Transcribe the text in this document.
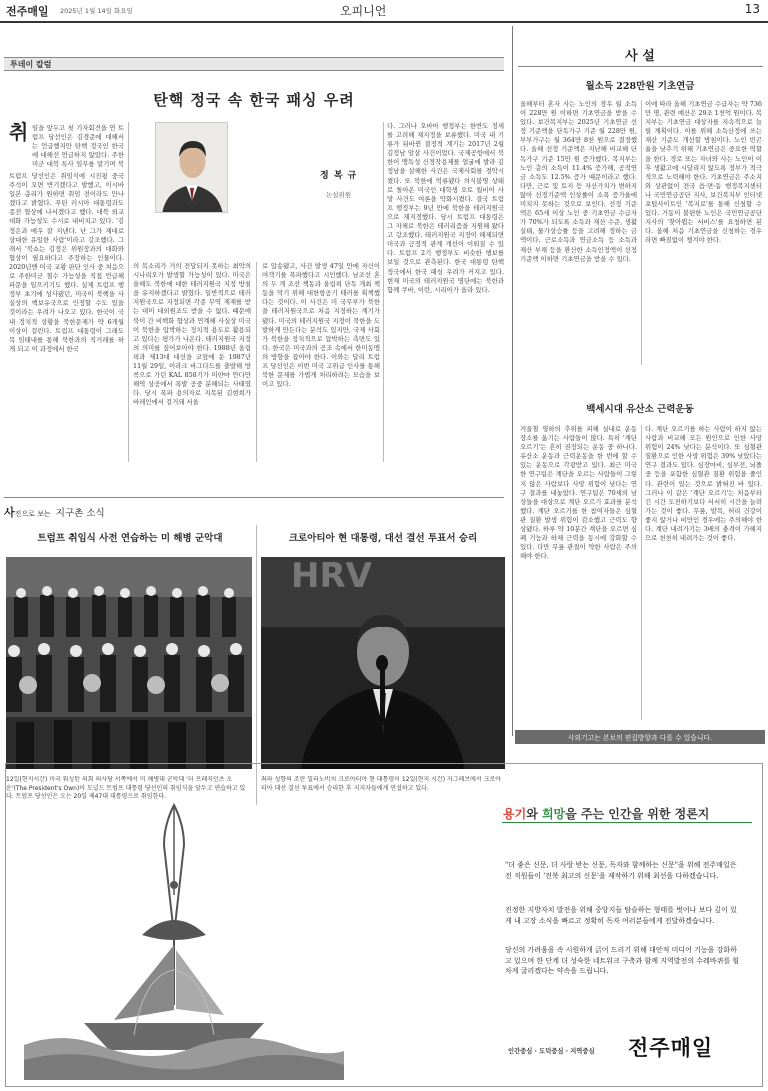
전주매일 2025년 1월 14일 화요일	오피니언	13
투데이 칼럼
탄핵 정국 속 한국 패싱 우려
취 임을 앞두고 첫 기자회견을 연 트럼프 당선인은 김경준에 대해서는 언급했지만 탄핵 정국인 한국에 대해선 언급하지 않았다. 주한미군 대북 특사 임무를 맡기며 북
트럼프 당선인은 취임식에 시진핑 중국 주석이 오면 반기겠다고 발했고, 이시바 일본 총리가 원하면 취임 전이라도 만나겠다고 밝혔다. 푸틴 러시아 대통령과도 종전 협상에 나서겠다고 했다. 대북 외교 대화 가능성도 수시로 내비치고 있다. '김정은과 매우 잘 지낸다. 난 그가 재대로 상대한 유일한 사람'이라고 강조했다. 그래서 '북쇼는 김정은 위원장과의 대화와 협상이 필요하다고 주장하는 인물이다. 2020년엔 미국 교황 판단 인사 중 처음으로 주한미군 철수 가능성을 직접 언급해 파문을 일으키기도 했다. 실제 트럼프 행정부 초기에 성사됐던, 미국이 북핵을 사실상의 핵보유국으로 인정할 수도 있을 것이라는 우려가 나오고 있다. 한국이 국내 정치적 상황을 북한문제가 약 6개월 이상이 걸린다. 트럼프 대통령이 그래도 목 임태내를 통해 북한과의 직거래를 하게 되고 이 과정에서 한국
의 목소리가 거의 전달되지 못하는 최악의 시나리오가 발생할 가능성이 있다. 미국은 올해도 북한에 대한 테러지원국 지정 방침을 유지하겠다고 밝혔다. 일반적으로 테러지원국으로 지정되면 각종 무역 제재를 받는 대미 대외원조도 받을 수 없다. 때문에 북이 간 비핵화 협상과 연계해 사실상 미국이 북한을 압박하는 정치적 용도로 활용되고 있다는 평가가 나온다. 테러지원국 지정의 의미를 짚어보아야 한다. 1988년 올림픽과 제13대 대선을 코앞에 둔 1987년 11월 29일, 이라크 바그다드를 출발해 방콕으로 가던 KAL 858기가 미얀마 안다만 해역 상공에서 폭발 공중 분해되는 사태였다. 당시 폭파 용의자로 지목된 김현희가 바레인에서 검거돼 서울
정 복 규
논설위원
로 압송됐고, 사건 발생 47일 만에 자신이 여객기를 폭파했다고 시인했다. 남조선 혼의 두 개 조선 책동과 올림픽 단독 개최 책동을 막기 위해 대한항공기 테러를 획책했다는 것이다. 이 사건은 미 국무부가 북한을 테러지원국으로 처음 지정하는 계기가 됐다. 미국의 테러지원국 지정이 북한을 도발하게 만든다는 분석도 있지만, 국제 사회가 북한을 정치적으로 압박하는 측면도 있다. 한국은 미국과의 공조 속에서 한미동맹의 방향을 잡아야 한다. 이와는 달리 트럼프 당선인은 이번 미국 고위급 인사를 통해 북한 문제를 가볍게 처리하려는 모습을 보이고 있다.
다. 그러나 오바마 행정부는 한반도 정세를 고려해 재지정을 보류했다. 미국 내 기류가 뒤바뀐 결정적 계기는 2017년 2월 김정남 암살 사건이었다. 국제공항에서 북한이 맹독성 신경작용제를 얼굴에 발라 김정남을 살해한 사건은 국제사회를 경악시켰다. 또 북한에 억류됐다 의식불명 상태로 돌아온 미국인 대학생 오토 웜비어 사망 사건도 여론을 악화시켰다. 결국 트럼프 행정부는 9년 만에 북한을 테러지원국으로 재지정했다. 당시 트럼프 대통령은 그 자체로 북한은 테러리즘을 지원해 왔다고 강조했다. 테러지원국 지정이 해제되면 미국과 긍정적 관계 개선이 이뤄질 수 있다. 트럼프 2기 행정부도 비슷한 행보를 보일 것으로 관측된다. 한국 대통령 탄핵 정국에서 한국 패싱 우려가 커지고 있다. 현재 미국의 테러지원국 명단에는 북한과 함께 쿠바, 이란, 시리아가 올라 있다.
사 설
월소득 228만원 기초연금
올해부터 혼자 사는 노인의 경우 월 소득이 228만 원 이하면 기초연금을 받을 수 있다. 보건복지부는 2025년 기초연금 선정 기준액을 단독가구 기준 월 228만 원, 부부가구는 월 364만 8천 원으로 결정했다. 올해 선정 기준액은 지난해 비교해 단독가구 기준 15만 원 증가했다. 복지부는 노인 층의 소득이 11.4% 증가해, 공적연금 소득도 12.5% 증가 때문이라고 했다. 다만, 근로 및 토지 등 자산가치가 변하지 않아 선정기준액 인상률이 소폭 증가율에 미치지 못하는 것으로 보인다. 선정 기준액은 65세 이상 노인 중 기초연금 수급자가 70%가 되도록 소득과 재산 수준, 생활 실태, 물가상승률 등을 고려해 정하는 금액이다. 근로소득과 연금소득 등 소득과 재산 부채 등을 환산한 소득인정액이 선정 기준액 이하면 기초연금을 받을 수 있다.
이에 따라 올해 기초연금 수급자는 약 736만 명, 관련 예산은 29조 1천억 원이다. 복지부는 기초연금 대상자를 지속적으로 늘릴 계획이다. 이를 위해 소득산정에 쓰는 재산 기준도 개선할 방침이다. 노인 빈곤율을 낮추기 위해 기초연금은 중요한 역할을 한다. 경로 또는 자녀와 사는 노인이 이후 생활고에 시달리지 않도록 정부가 적극적으로 노력해야 한다. 기초연금은 주소지와 상관없이 전국 읍·면·동 행정복지센터나 국민연금공단 지사, 보건복지부 인터넷 포털사이트인 '복지로'를 통해 신청할 수 있다. 거동이 불편한 노인은 국민연금공단지사의 '찾아뵙는 서비스'를 요청하면 된다. 올해 처음 기초연금을 신청하는 경우라면 빠짐없이 챙겨야 한다.
백세시대 유산소 근력운동
겨울철 영하의 추위를 피해 실내로 운동 장소를 옮기는 사람들이 많다. 특히 '계단 오르기'는 흔히 권장되는 운동 중 하나다. 유산소 운동과 근력운동을 한 번에 할 수 있는 운동으로 각광받고 있다. 최근 미국 한 연구팀은 계단을 오르는 사람들이 그렇지 않은 사람보다 사망 위험이 낮다는 연구 결과를 내놓았다. 연구팀은 70세의 남성들을 대상으로 계단 오르기 효과를 분석했다. 계단 오르기를 한 참여자들은 심혈관 질환 발생 위험이 감소했고 근력도 향상됐다. 하루 약 10분간 계단을 오르면 심폐 기능과 하체 근력을 동시에 강화할 수 있다. 다만 무릎 관절이 약한 사람은 주의해야 한다.
다. 계단 오르기를 하는 사람이 하지 않는 사람과 비교해 모든 원인으로 인한 사망 위험이 24% 낮다는 분석이다. 또 심혈관 질환으로 인한 사망 위험은 39% 낮았다는 연구 결과도 있다. 심장마비, 심부전, 뇌졸중 등을 포함한 심혈관 질환 위험을 줄인다. 관련이 있는 것으로 밝혀진 바 있다. 그러나 이 같은 '계단 오르기'는 처음부터 긴 시간 도전하기보다 서서히 시간을 늘려가는 것이 좋다. 무릎, 발목, 허리 건강이 좋지 않거나 비만인 경우에는 주의해야 한다. 계단 내려가기는 3배의 충격이 가해지므로 천천히 내려가는 것이 좋다.
사외기고는 본보의 편집방향과 다를 수 있습니다.
사진으로 보는 지구촌 소식
트럼프 취임식 사전 연습하는 미 해병 군악대
12일(현지시간) 미국 워싱턴 의회 의사당 서쪽에서 미 해병대 군악대 '더 프레지던츠 오운'(The President's Own)이 도널드 트럼프 대통령 당선인의 취임식을 앞두고 연습하고 있다. 트럼프 당선인은 오는 20일 제47대 대통령으로 취임한다.
크로아티아 현 대통령, 대선 결선 투표서 승리
HRV
좌파 성향의 조란 밀라노비치 크로아티아 현 대통령이 12일(현지 시간) 자그레브에서 크로아티아 대선 결선 투표에서 승리한 후 지지자들에게 연설하고 있다.
용기와 희망을 주는 인간을 위한 정론지
"더 좋은 신문, 더 사랑 받는 신문, 독자와 함께하는 신문"을 위해 전주매일은 전 직원들이 '전북 최고의 신문'을 제작하기 위해 최선을 다하겠습니다.
진정한 지방자치 발전을 위해 중앙지들 탐슬하는 형태를 벗어나 보다 깊이 있게 내 고장 소식을 빠르고 정확히 독자 여러분들에게 전달하겠습니다.
당신의 가려움을 속 시원하게 긁어 드리기 위해 대안적 미디어 기능을 강화하고 있으며 한 단계 더 성숙한 네트워크 구축과 함께 지역발전의 수레바퀴를 힘차게 굴리겠다는 약속을 드립니다.
인간중심 · 도덕중심 · 지역중심 전주매일
